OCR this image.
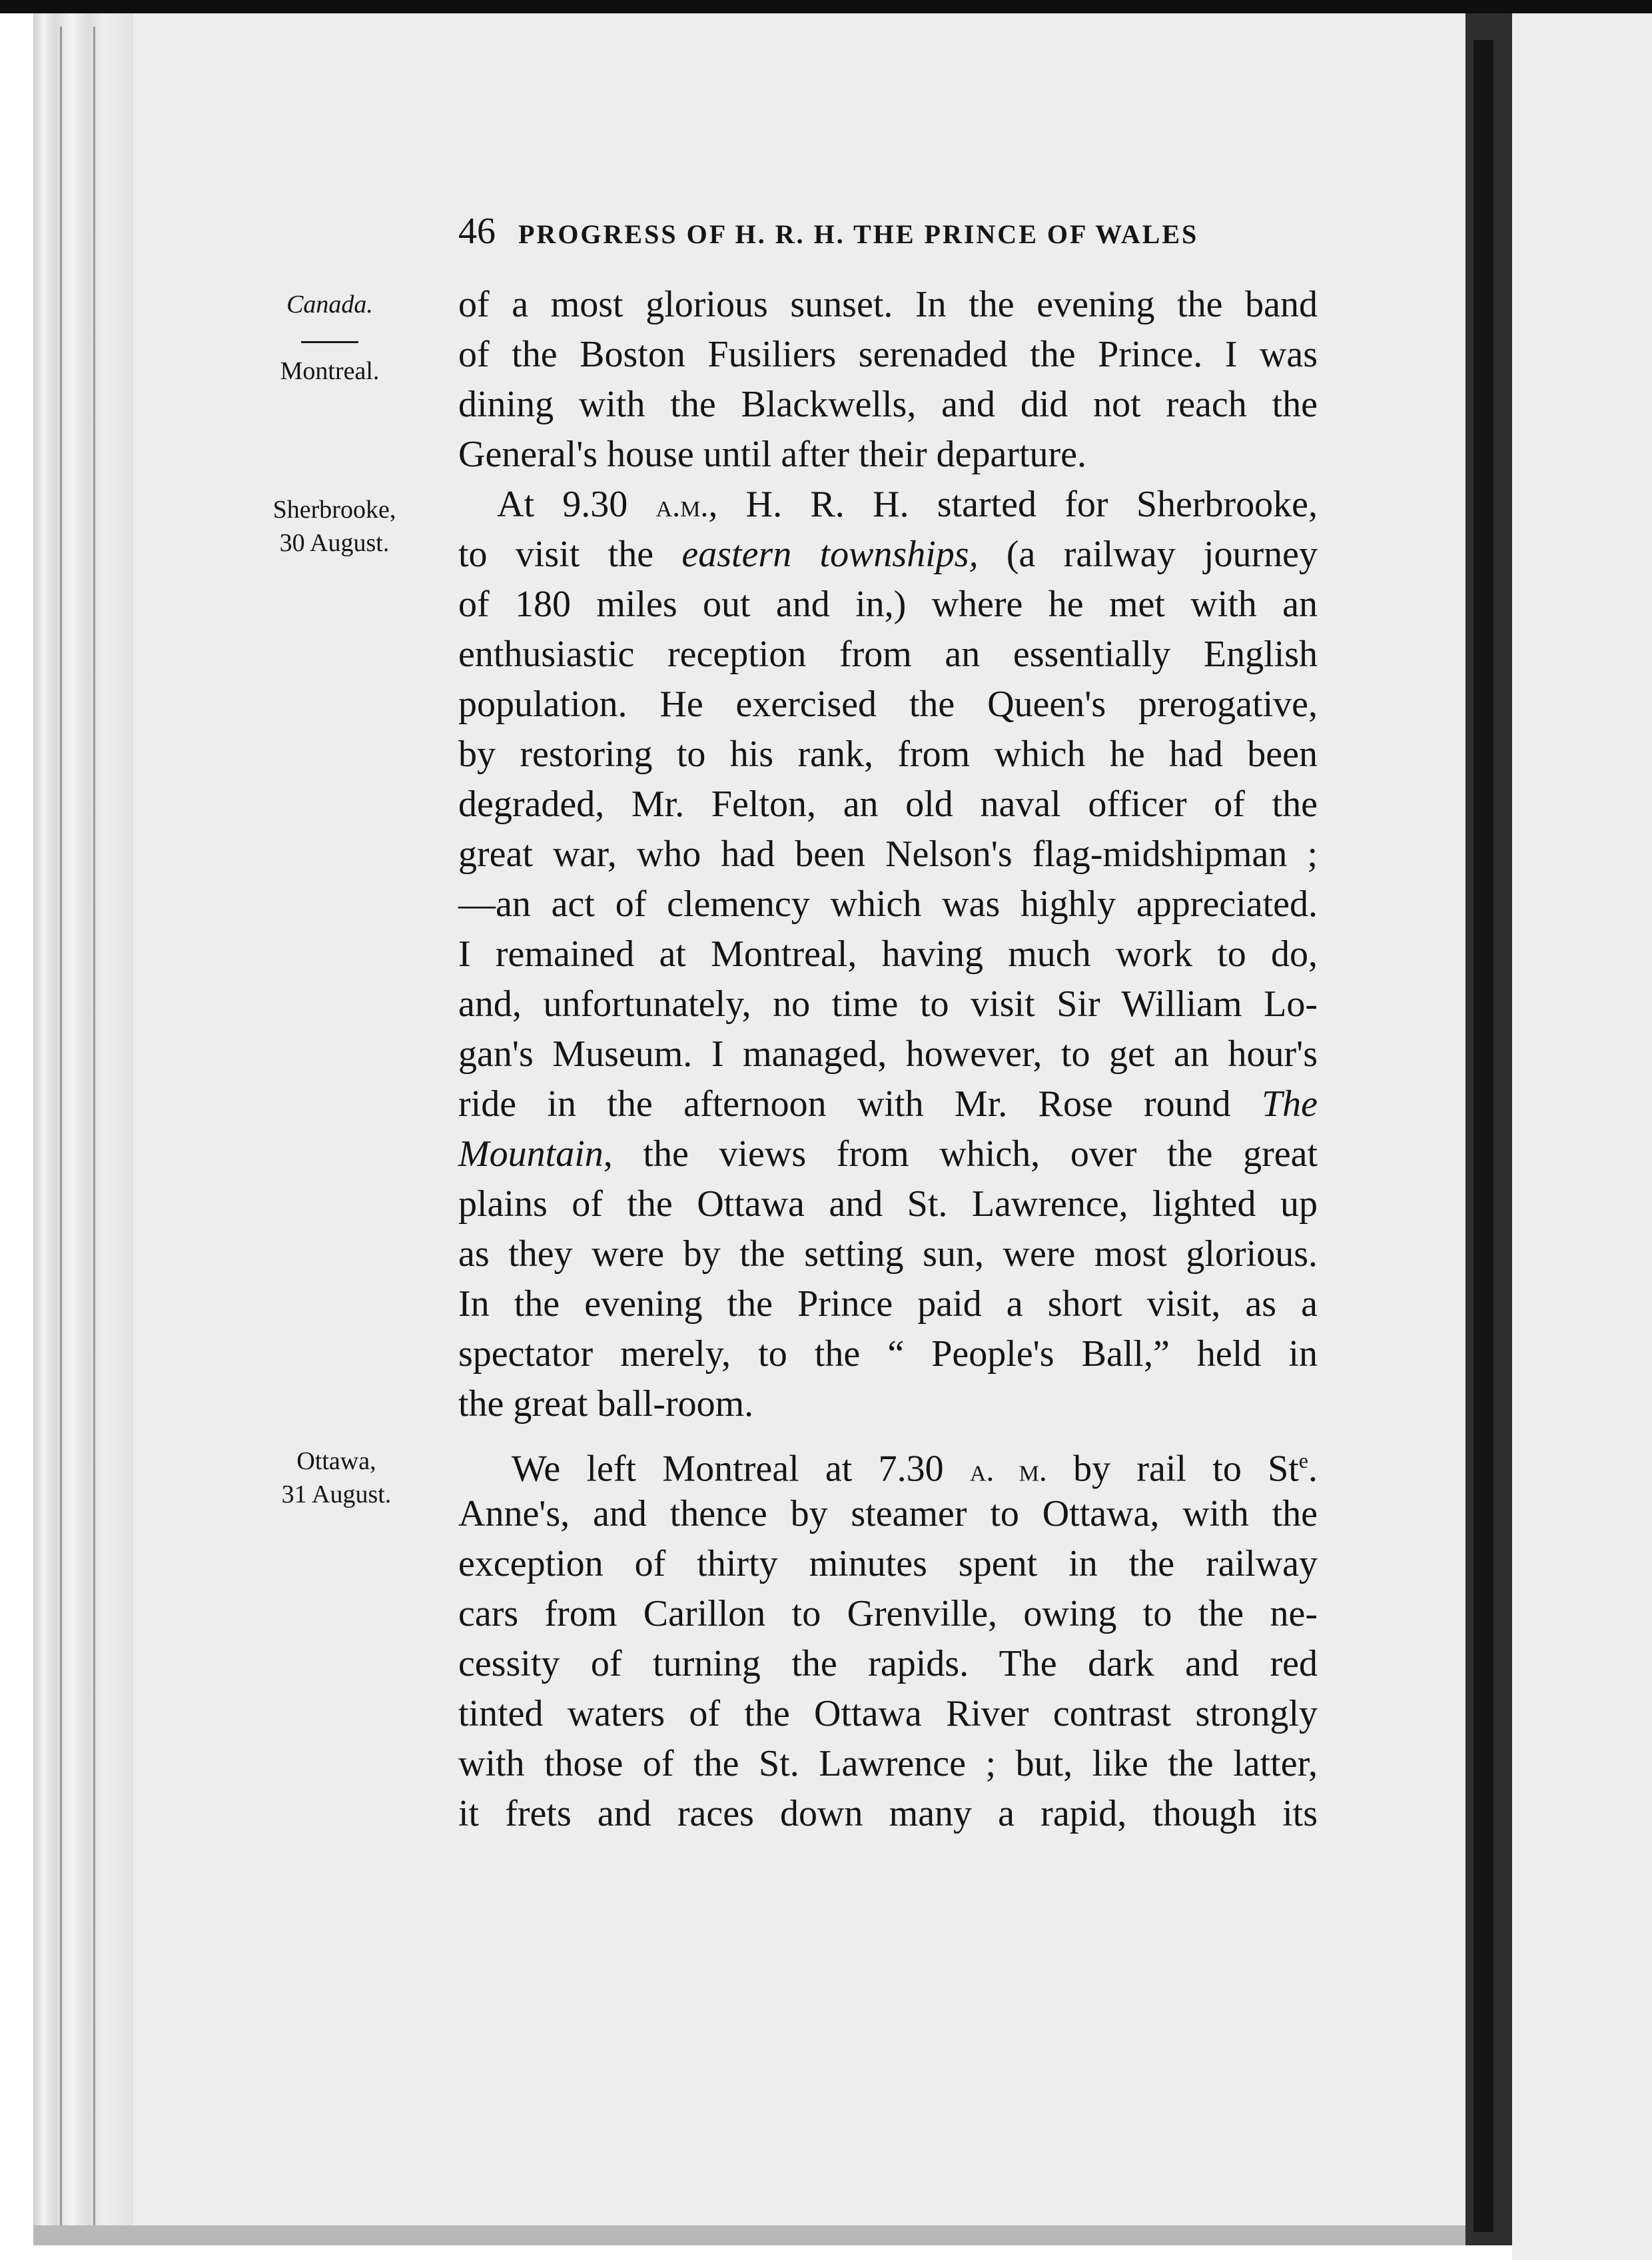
46 PROGRESS OF H. R. H. THE PRINCE OF WALES
Canada.
Montreal.
Sherbrooke,
30 August.
Ottawa,
31 August.
of a most glorious sunset. In the evening the band
of the Boston Fusiliers serenaded the Prince. I was
dining with the Blackwells, and did not reach the
General's house until after their departure.
At 9.30 a.m., H. R. H. started for Sherbrooke,
to visit the eastern townships, (a railway journey
of 180 miles out and in,) where he met with an
enthusiastic reception from an essentially English
population. He exercised the Queen's prerogative,
by restoring to his rank, from which he had been
degraded, Mr. Felton, an old naval officer of the
great war, who had been Nelson's flag-midshipman ;
—an act of clemency which was highly appreciated.
I remained at Montreal, having much work to do,
and, unfortunately, no time to visit Sir William Lo-
gan's Museum. I managed, however, to get an hour's
ride in the afternoon with Mr. Rose round The
Mountain, the views from which, over the great
plains of the Ottawa and St. Lawrence, lighted up
as they were by the setting sun, were most glorious.
In the evening the Prince paid a short visit, as a
spectator merely, to the “ People's Ball,” held in
the great ball-room.
We left Montreal at 7.30 a. m. by rail to St$^e$.
Anne's, and thence by steamer to Ottawa, with the
exception of thirty minutes spent in the railway
cars from Carillon to Grenville, owing to the ne-
cessity of turning the rapids. The dark and red
tinted waters of the Ottawa River contrast strongly
with those of the St. Lawrence ; but, like the latter,
it frets and races down many a rapid, though its
